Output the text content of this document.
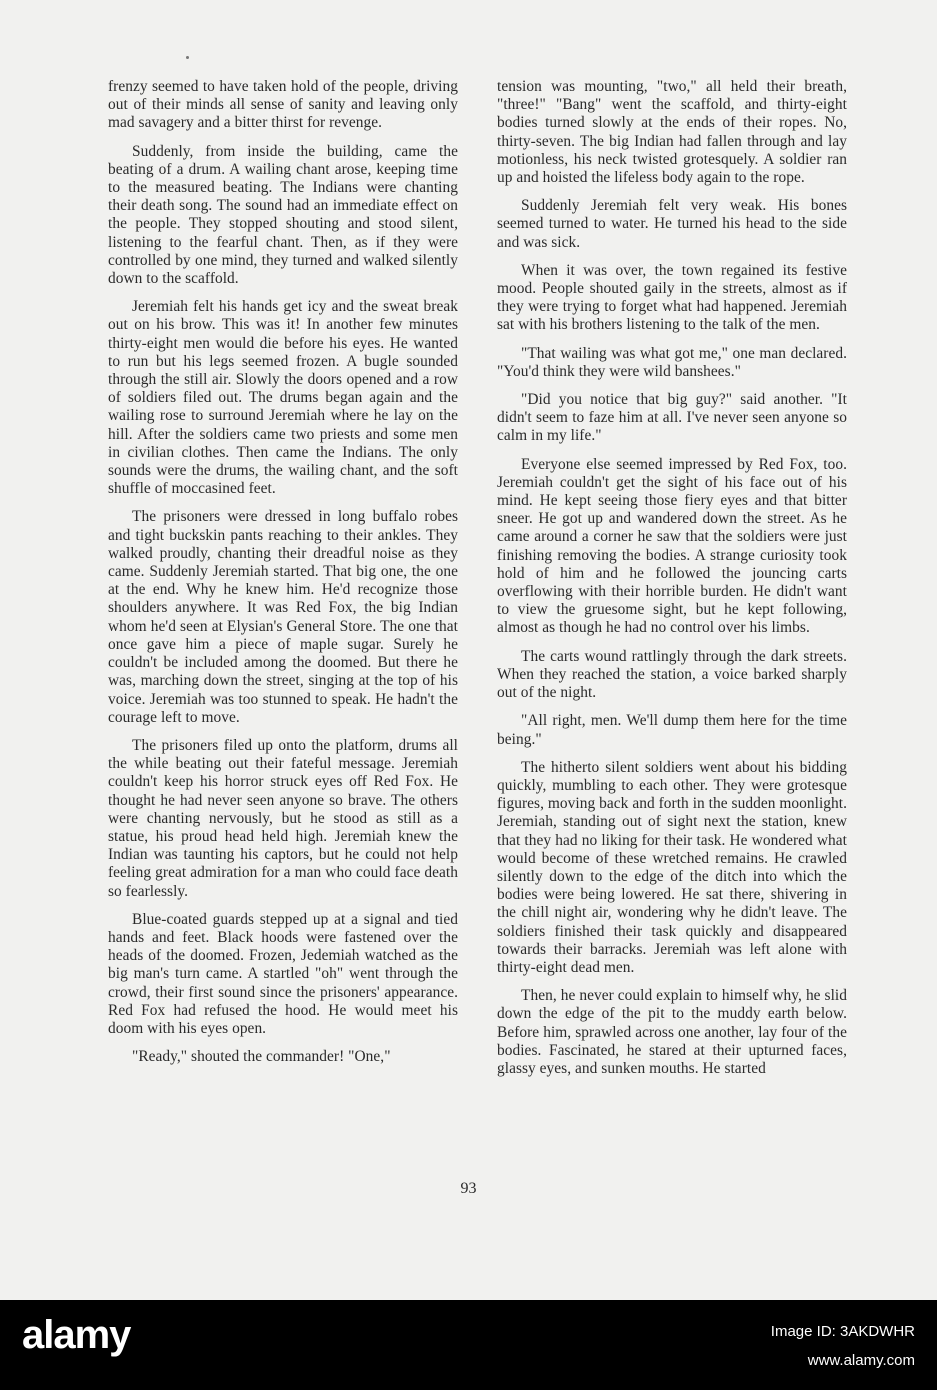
frenzy seemed to have taken hold of the people, driving out of their minds all sense of sanity and leaving only mad savagery and a bitter thirst for revenge.

Suddenly, from inside the building, came the beating of a drum. A wailing chant arose, keeping time to the measured beating. The Indians were chanting their death song. The sound had an immediate effect on the people. They stopped shouting and stood silent, listening to the fearful chant. Then, as if they were controlled by one mind, they turned and walked silently down to the scaffold.

Jeremiah felt his hands get icy and the sweat break out on his brow. This was it! In another few minutes thirty-eight men would die before his eyes. He wanted to run but his legs seemed frozen. A bugle sounded through the still air. Slowly the doors opened and a row of soldiers filed out. The drums began again and the wailing rose to surround Jeremiah where he lay on the hill. After the soldiers came two priests and some men in civilian clothes. Then came the Indians. The only sounds were the drums, the wailing chant, and the soft shuffle of moccasined feet.

The prisoners were dressed in long buffalo robes and tight buckskin pants reaching to their ankles. They walked proudly, chanting their dreadful noise as they came. Suddenly Jeremiah started. That big one, the one at the end. Why he knew him. He'd recognize those shoulders anywhere. It was Red Fox, the big Indian whom he'd seen at Elysian's General Store. The one that once gave him a piece of maple sugar. Surely he couldn't be included among the doomed. But there he was, marching down the street, singing at the top of his voice. Jeremiah was too stunned to speak. He hadn't the courage left to move.

The prisoners filed up onto the platform, drums all the while beating out their fateful message. Jeremiah couldn't keep his horror struck eyes off Red Fox. He thought he had never seen anyone so brave. The others were chanting nervously, but he stood as still as a statue, his proud head held high. Jeremiah knew the Indian was taunting his captors, but he could not help feeling great admiration for a man who could face death so fearlessly.

Blue-coated guards stepped up at a signal and tied hands and feet. Black hoods were fastened over the heads of the doomed. Frozen, Jedemiah watched as the big man's turn came. A startled "oh" went through the crowd, their first sound since the prisoners' appearance. Red Fox had refused the hood. He would meet his doom with his eyes open.

"Ready," shouted the commander! "One,"

tension was mounting, "two," all held their breath, "three!" "Bang" went the scaffold, and thirty-eight bodies turned slowly at the ends of their ropes. No, thirty-seven. The big Indian had fallen through and lay motionless, his neck twisted grotesquely. A soldier ran up and hoisted the lifeless body again to the rope.

Suddenly Jeremiah felt very weak. His bones seemed turned to water. He turned his head to the side and was sick.

When it was over, the town regained its festive mood. People shouted gaily in the streets, almost as if they were trying to forget what had happened. Jeremiah sat with his brothers listening to the talk of the men.

"That wailing was what got me," one man declared. "You'd think they were wild banshees."

"Did you notice that big guy?" said another. "It didn't seem to faze him at all. I've never seen anyone so calm in my life."

Everyone else seemed impressed by Red Fox, too. Jeremiah couldn't get the sight of his face out of his mind. He kept seeing those fiery eyes and that bitter sneer. He got up and wandered down the street. As he came around a corner he saw that the soldiers were just finishing removing the bodies. A strange curiosity took hold of him and he followed the jouncing carts overflowing with their horrible burden. He didn't want to view the gruesome sight, but he kept following, almost as though he had no control over his limbs.

The carts wound rattlingly through the dark streets. When they reached the station, a voice barked sharply out of the night.

"All right, men. We'll dump them here for the time being."

The hitherto silent soldiers went about his bidding quickly, mumbling to each other. They were grotesque figures, moving back and forth in the sudden moonlight. Jeremiah, standing out of sight next the station, knew that they had no liking for their task. He wondered what would become of these wretched remains. He crawled silently down to the edge of the ditch into which the bodies were being lowered. He sat there, shivering in the chill night air, wondering why he didn't leave. The soldiers finished their task quickly and disappeared towards their barracks. Jeremiah was left alone with thirty-eight dead men.

Then, he never could explain to himself why, he slid down the edge of the pit to the muddy earth below. Before him, sprawled across one another, lay four of the bodies. Fascinated, he stared at their upturned faces, glassy eyes, and sunken mouths. He started

93
alamy	Image ID: 3AKDWHR
www.alamy.com
